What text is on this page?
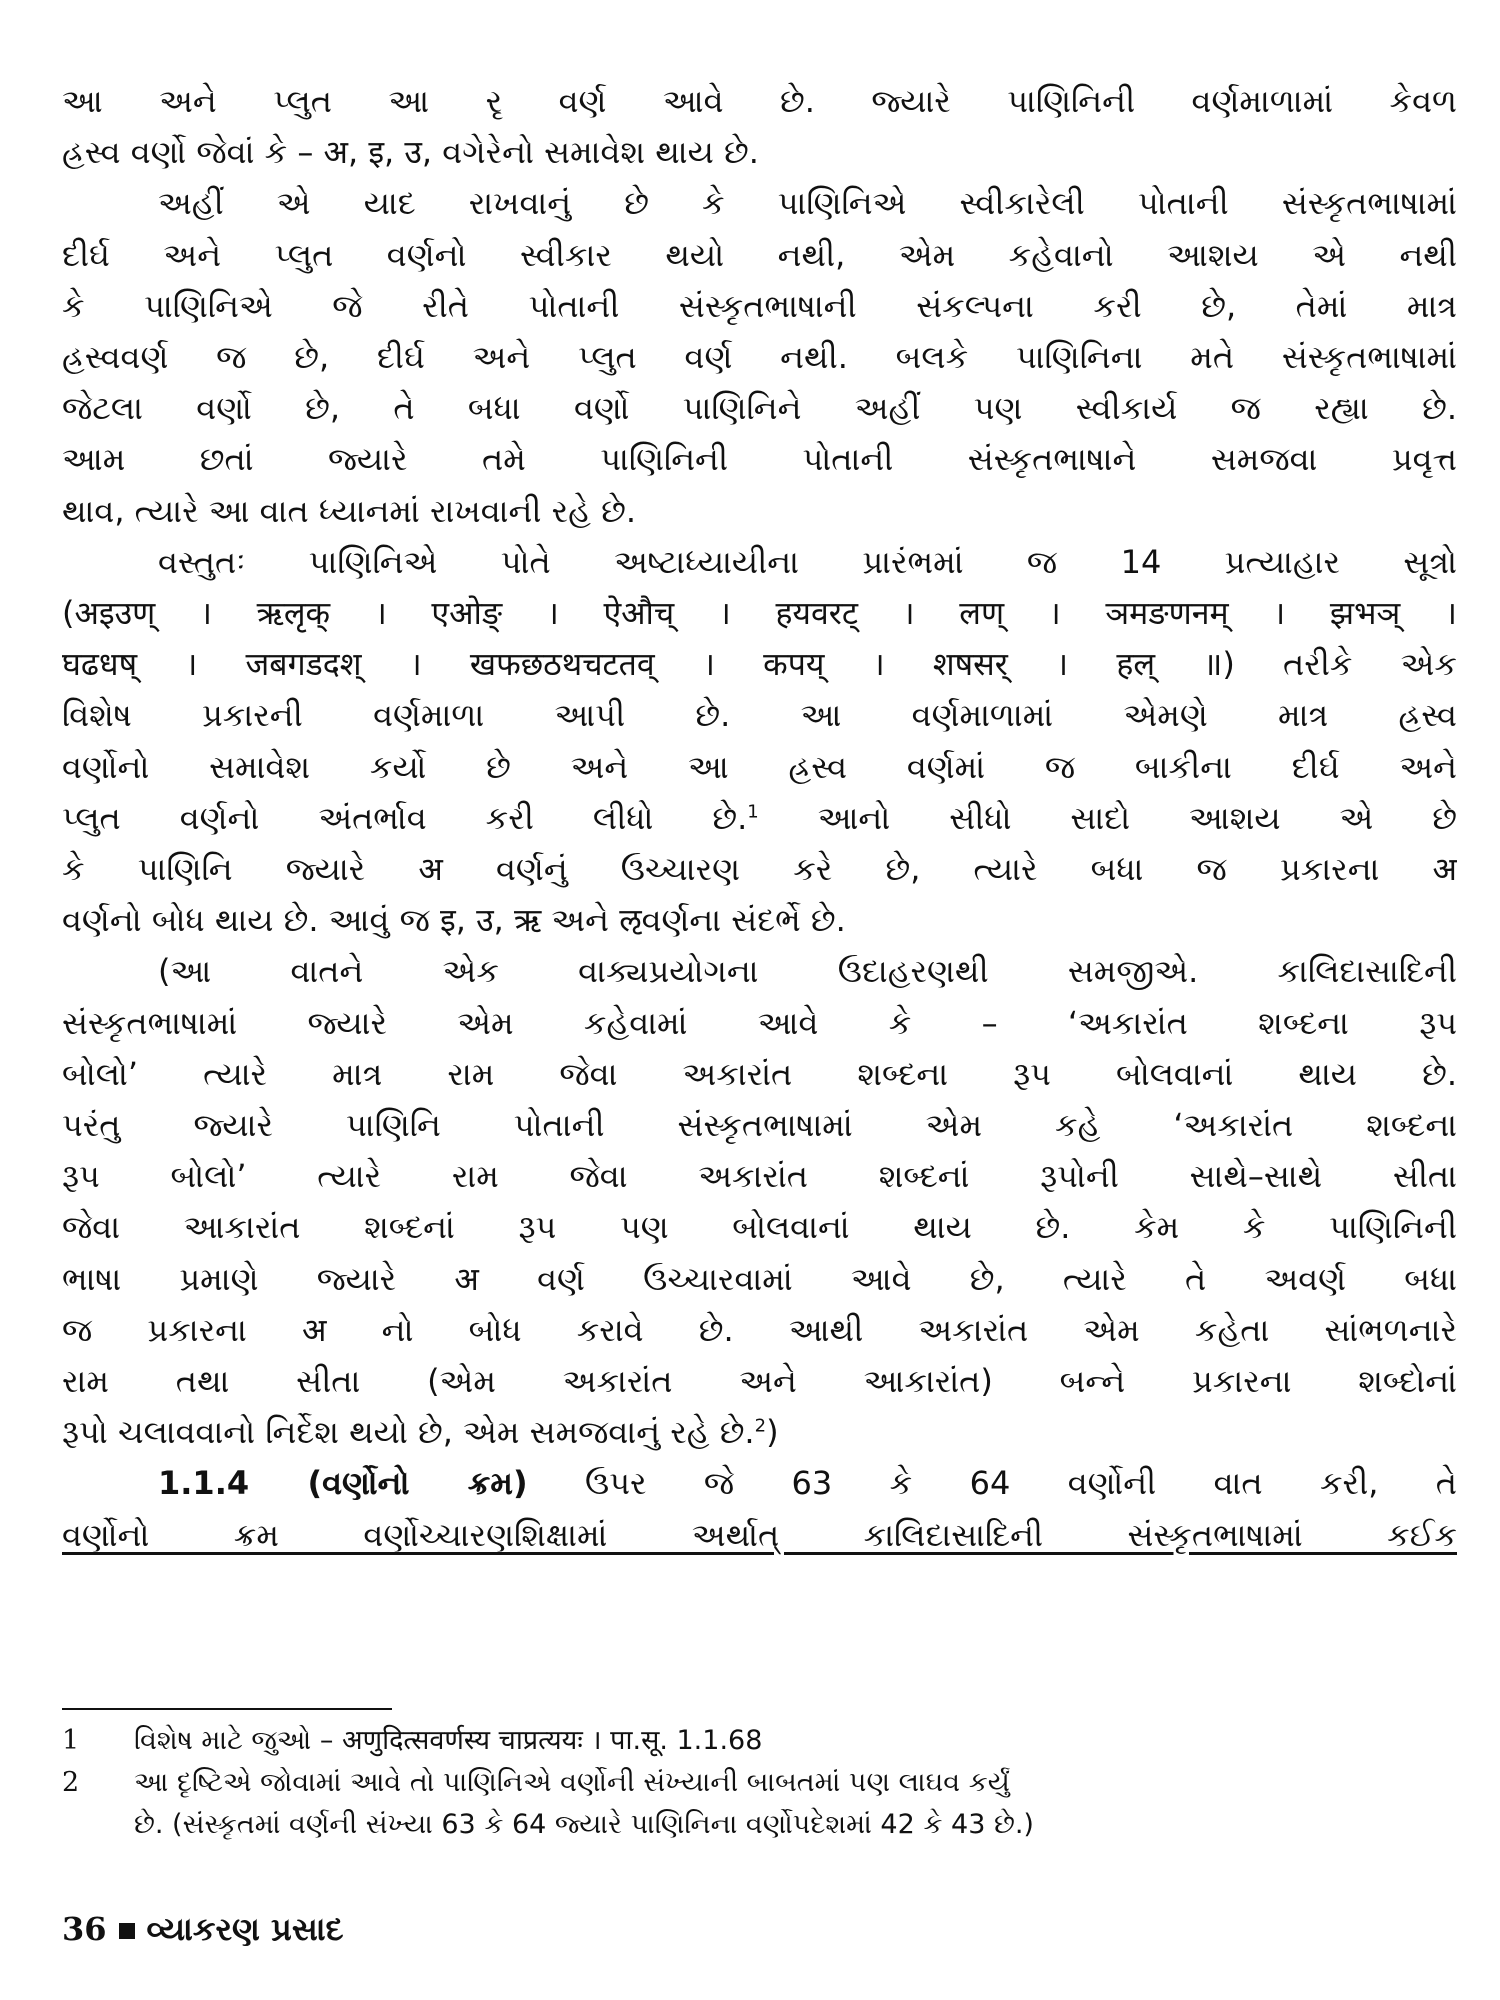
આ અને પ્લુત આ રૃ વર્ણ આવે છે. જ્યારે પાણિનિની વર્ણમાળામાં કેવળ
હ્રસ્વ વર્ણો જેવાં કે – अ, इ, उ, વગેરેનો સમાવેશ થાય છે.
અહીં એ યાદ રાખવાનું છે કે પાણિનિએ સ્વીકારેલી પોતાની સંસ્કૃતભાષામાં
દીર્ઘ અને પ્લુત વર્ણનો સ્વીકાર થયો નથી, એમ કહેવાનો આશય એ નથી
કે પાણિનિએ જે રીતે પોતાની સંસ્કૃતભાષાની સંકલ્પના કરી છે, તેમાં માત્ર
હ્રસ્વવર્ણ જ છે, દીર્ઘ અને પ્લુત વર્ણ નથી. બલકે પાણિનિના મતે સંસ્કૃતભાષામાં
જેટલા વર્ણો છે, તે બધા વર્ણો પાણિનિને અહીં પણ સ્વીકાર્ય જ રહ્યા છે.
આમ છતાં જ્યારે તમે પાણિનિની પોતાની સંસ્કૃતભાષાને સમજવા પ્રવૃત્ત
થાવ, ત્યારે આ વાત ધ્યાનમાં રાખવાની રહે છે.
વસ્તુતઃ પાણિનિએ પોતે અષ્ટાધ્યાયીના પ્રારંભમાં જ 14 પ્રત્યાહાર સૂત્રો
(अइउण् । ऋलृक् । एओङ् । ऐऔच् । हयवरट् । लण् । ञमङणनम् । झभञ् ।
घढधष् । जबगडदश् । खफछठथचटतव् । कपय् । शषसर् । हल् ॥) તરીકે એક
વિશેષ પ્રકારની વર્ણમાળા આપી છે. આ વર્ણમાળામાં એમણે માત્ર હ્રસ્વ
વર્ણોનો સમાવેશ કર્યો છે અને આ હ્રસ્વ વર્ણમાં જ બાકીના દીર્ઘ અને
પ્લુત વર્ણનો અંતર્ભાવ કરી લીધો છે.$^1$ આનો સીધો સાદો આશય એ છે
કે પાણિનિ જ્યારે अ વર્ણનું ઉચ્ચારણ કરે છે, ત્યારે બધા જ પ્રકારના अ
વર્ણનો બોધ થાય છે. આવું જ इ, उ, ऋ અને ऌવર્ણના સંદર્ભે છે.
(આ વાતને એક વાક્યપ્રયોગના ઉદાહરણથી સમજીએ. કાલિદાસાદિની
સંસ્કૃતભાષામાં જ્યારે એમ કહેવામાં આવે કે – ‘અકારાંત શબ્દના રૂપ
બોલો’ ત્યારે માત્ર રામ જેવા અકારાંત શબ્દના રૂપ બોલવાનાં થાય છે.
પરંતુ જ્યારે પાણિનિ પોતાની સંસ્કૃતભાષામાં એમ કહે ‘અકારાંત શબ્દના
રૂપ બોલો’ ત્યારે રામ જેવા અકારાંત શબ્દનાં રૂપોની સાથે–સાથે સીતા
જેવા આકારાંત શબ્દનાં રૂપ પણ બોલવાનાં થાય છે. કેમ કે પાણિનિની
ભાષા પ્રમાણે જ્યારે अ વર્ણ ઉચ્ચારવામાં આવે છે, ત્યારે તે અવર્ણ બધા
જ પ્રકારના अ નો બોધ કરાવે છે. આથી અકારાંત એમ કહેતા સાંભળનારે
રામ તથા સીતા (એમ અકારાંત અને આકારાંત) બન્ને પ્રકારના શબ્દોનાં
રૂપો ચલાવવાનો નિર્દેશ થયો છે, એમ સમજવાનું રહે છે.$^2$)
1.1.4 (વર્ણોનો ક્રમ) ઉપર જે 63 કે 64 વર્ણોની વાત કરી, તે
વર્ણોનો ક્રમ વર્ણોચ્ચારણશિક્ષામાં અર્થાત્ કાલિદાસાદિની સંસ્કૃતભાષામાં કઈક
1	વિશેષ માટે જુઓ – अणुदित्सवर्णस्य चाप्रत्ययः । पा.सू. 1.1.68
2	આ દૃષ્ટિએ જોવામાં આવે તો પાણિનિએ વર્ણોની સંખ્યાની બાબતમાં પણ લાઘવ કર્યું
છે. (સંસ્કૃતમાં વર્ણની સંખ્યા 63 કે 64 જ્યારે પાણિનિના વર્ણોપદેશમાં 42 કે 43 છે.)
36 વ્યાકરણ પ્રસાદ
